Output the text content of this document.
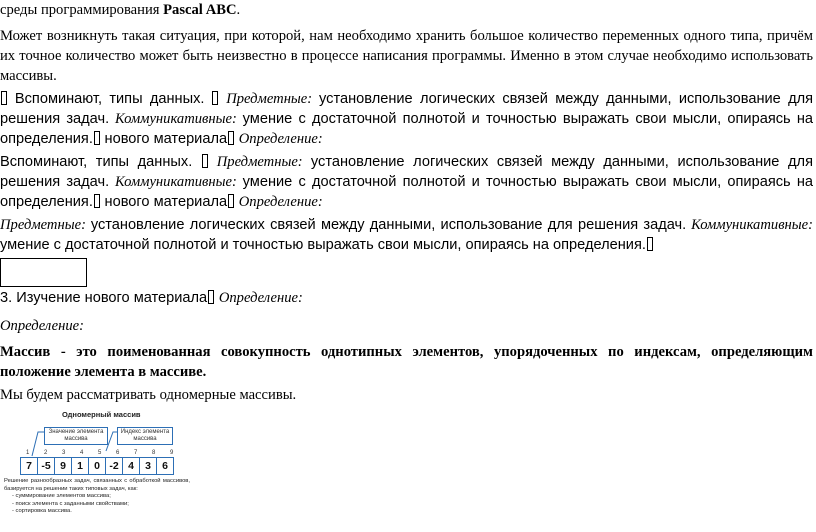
среды программирования Pascal ABC.

Может возникнуть такая ситуация, при которой, нам необходимо хранить большое количество переменных одного типа, причём их точное количество может быть неизвестно в процессе написания программы. Именно в этом случае необходимо использовать массивы.

Вспоминают, типы данных. Предметные: установление логических связей между данными, использование для решения задач. Коммуникативные: умение с достаточной полнотой и точностью выражать свои мысли, опираясь на определения. нового материала Определение:

Вспоминают, типы данных. Предметные: установление логических связей между данными, использование для решения задач. Коммуникативные: умение с достаточной полнотой и точностью выражать свои мысли, опираясь на определения. нового материала Определение:

Предметные: установление логических связей между данными, использование для решения задач. Коммуникативные: умение с достаточной полнотой и точностью выражать свои мысли, опираясь на определения.

3. Изучение нового материала Определение:

Определение:

Массив - это поименованная совокупность однотипных элементов, упорядоченных по индексам, определяющим положение элемента в массиве.

Мы будем рассматривать одномерные массивы.

Одномерный массив
Значение элемента массива
Индекс элемента массива
1 2 3 4 5 6 7 8 9
7 -5 9	1	0 -2 4	3	6
Решение разнообразных задач, связанных с обработкой массивов, базируется на решении таких типовых задач, как:
- суммирование элементов массива;
- поиск элемента с заданными свойствами;
- сортировка массива.
